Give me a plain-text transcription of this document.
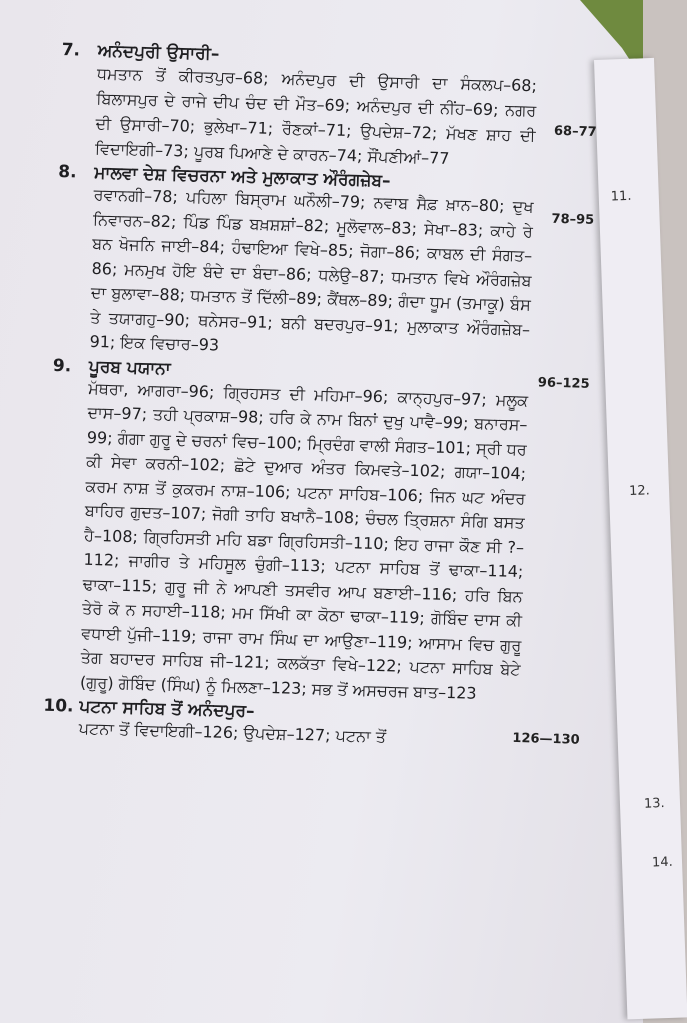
11.
12.
13.
14.
7.	ਅਨੰਦਪੁਰੀ ਉਸਾਰੀ–
68–77
ਧਮਤਾਨ ਤੋਂ ਕੀਰਤਪੁਰ–68; ਅਨੰਦਪੁਰ ਦੀ ਉਸਾਰੀ ਦਾ ਸੰਕਲਪ–68; ਬਿਲਾਸਪੁਰ ਦੇ ਰਾਜੇ ਦੀਪ ਚੰਦ ਦੀ ਮੌਤ–69; ਅਨੰਦਪੁਰ ਦੀ ਨੀਂਹ–69; ਨਗਰ ਦੀ ਉਸਾਰੀ–70; ਭੁਲੇਖਾ–71; ਰੌਣਕਾਂ–71; ਉਪਦੇਸ਼–72; ਮੱਖਣ ਸ਼ਾਹ ਦੀ ਵਿਦਾਇਗੀ–73; ਪੂਰਬ ਪਿਆਣੇ ਦੇ ਕਾਰਨ–74; ਸੌਂਪਣੀਆਂ–77
8.	ਮਾਲਵਾ ਦੇਸ਼ ਵਿਚਰਨਾ ਅਤੇ ਮੁਲਾਕਾਤ ਔਰੰਗਜ਼ੇਬ–
78–95
ਰਵਾਨਗੀ–78; ਪਹਿਲਾ ਬਿਸ੍ਰਾਮ ਘਨੌਲੀ–79; ਨਵਾਬ ਸੈਫ਼ ਖ਼ਾਨ–80; ਦੁਖ ਨਿਵਾਰਨ–82; ਪਿੰਡ ਪਿੰਡ ਬਖ਼ਸ਼ਸ਼ਾਂ–82; ਮੂਲੋਵਾਲ–83; ਸੇਖਾ–83; ਕਾਹੇ ਰੇ ਬਨ ਖੋਜਨਿ ਜਾਈ–84; ਹੰਢਾਇਆ ਵਿਖੇ–85; ਜੋਗਾ–86; ਕਾਬਲ ਦੀ ਸੰਗਤ–86; ਮਨਮੁਖ ਹੋਇ ਬੰਦੇ ਦਾ ਬੰਦਾ–86; ਧਲੇਉ–87; ਧਮਤਾਨ ਵਿਖੇ ਔਰੰਗਜ਼ੇਬ ਦਾ ਬੁਲਾਵਾ–88; ਧਮਤਾਨ ਤੋਂ ਦਿੱਲੀ–89; ਕੈਂਥਲ–89; ਗੰਦਾ ਧੂਮ (ਤਮਾਕੂ) ਬੰਸ ਤੇ ਤਯਾਗਹੁ–90; ਥਨੇਸਰ–91; ਬਨੀ ਬਦਰਪੁਰ–91; ਮੁਲਾਕਾਤ ਔਰੰਗਜ਼ੇਬ–91; ਇਕ ਵਿਚਾਰ–93
9.	ਪੂਰਬ ਪਯਾਨਾ
96–125
ਮੱਥਰਾ, ਆਗਰਾ–96; ਗ੍ਰਿਹਸਤ ਦੀ ਮਹਿਮਾ–96; ਕਾਨ੍ਹਪੁਰ–97; ਮਲੂਕ ਦਾਸ–97; ਤਹੀ ਪ੍ਰਕਾਸ਼–98; ਹਰਿ ਕੇ ਨਾਮ ਬਿਨਾਂ ਦੁਖੁ ਪਾਵੈ–99; ਬਨਾਰਸ–99; ਗੰਗਾ ਗੁਰੂ ਦੇ ਚਰਨਾਂ ਵਿਚ–100; ਮ੍ਰਿਦੰਗ ਵਾਲੀ ਸੰਗਤ–101; ਸ੍ਰੀ ਧਰ ਕੀ ਸੇਵਾ ਕਰਨੀ–102; ਛੋਟੇ ਦੁਆਰ ਅੰਤਰ ਕਿਮਵਤੇ–102; ਗਯਾ–104; ਕਰਮ ਨਾਸ਼ ਤੋਂ ਕੁਕਰਮ ਨਾਸ਼–106; ਪਟਨਾ ਸਾਹਿਬ–106; ਜਿਨ ਘਟ ਅੰਦਰ ਬਾਹਿਰ ਗੁਦਤ–107; ਜੋਗੀ ਤਾਹਿ ਬਖਾਨੈ–108; ਚੰਚਲ ਤ੍ਰਿਸ਼ਨਾ ਸੰਗਿ ਬਸਤ ਹੈ–108; ਗ੍ਰਿਹਿਸਤੀ ਮਹਿ ਬਡਾ ਗ੍ਰਿਹਿਸਤੀ–110; ਇਹ ਰਾਜਾ ਕੌਣ ਸੀ ?–112; ਜਾਗੀਰ ਤੇ ਮਹਿਸੂਲ ਚੁੰਗੀ–113; ਪਟਨਾ ਸਾਹਿਬ ਤੋਂ ਢਾਕਾ–114; ਢਾਕਾ–115; ਗੁਰੂ ਜੀ ਨੇ ਆਪਣੀ ਤਸਵੀਰ ਆਪ ਬਣਾਈ–116; ਹਰਿ ਬਿਨ ਤੇਰੋ ਕੋ ਨ ਸਹਾਈ–118; ਮਮ ਸਿੱਖੀ ਕਾ ਕੋਠਾ ਢਾਕਾ–119; ਗੋਬਿੰਦ ਦਾਸ ਕੀ ਵਧਾਈ ਪੁੱਜੀ–119; ਰਾਜਾ ਰਾਮ ਸਿੰਘ ਦਾ ਆਉਣਾ–119; ਆਸਾਮ ਵਿਚ ਗੁਰੂ ਤੇਗ ਬਹਾਦਰ ਸਾਹਿਬ ਜੀ–121; ਕਲਕੱਤਾ ਵਿਖੇ–122; ਪਟਨਾ ਸਾਹਿਬ ਬੇਟੇ (ਗੁਰੂ) ਗੋਬਿੰਦ (ਸਿੰਘ) ਨੂੰ ਮਿਲਣਾ–123; ਸਭ ਤੋਂ ਅਸਚਰਜ ਬਾਤ–123
10. ਪਟਨਾ ਸਾਹਿਬ ਤੋਂ ਅਨੰਦਪੁਰ–
126—130
ਪਟਨਾ ਤੋਂ ਵਿਦਾਇਗੀ–126; ਉਪਦੇਸ਼–127; ਪਟਨਾ ਤੋਂ
